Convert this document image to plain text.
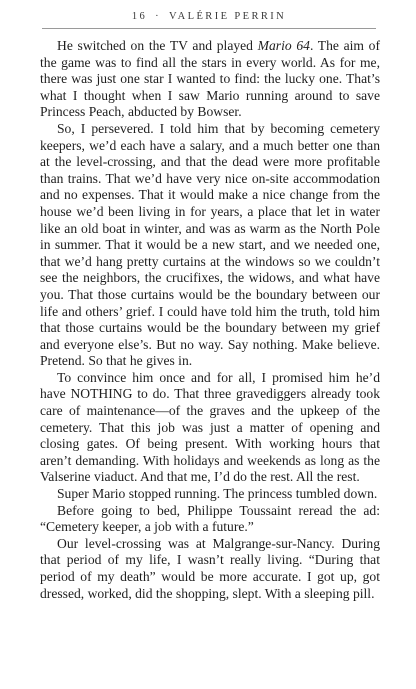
16 · VALÉRIE PERRIN

He switched on the TV and played Mario 64. The aim of the game was to find all the stars in every world. As for me, there was just one star I wanted to find: the lucky one. That’s what I thought when I saw Mario running around to save Princess Peach, abducted by Bowser.

So, I persevered. I told him that by becoming cemetery keepers, we’d each have a salary, and a much better one than at the level-crossing, and that the dead were more profitable than trains. That we’d have very nice on-site accommodation and no expenses. That it would make a nice change from the house we’d been living in for years, a place that let in water like an old boat in winter, and was as warm as the North Pole in summer. That it would be a new start, and we needed one, that we’d hang pretty curtains at the windows so we couldn’t see the neighbors, the crucifixes, the widows, and what have you. That those curtains would be the boundary between our life and others’ grief. I could have told him the truth, told him that those curtains would be the boundary between my grief and everyone else’s. But no way. Say nothing. Make believe. Pretend. So that he gives in.

To convince him once and for all, I promised him he’d have NOTHING to do. That three gravediggers already took care of maintenance—of the graves and the upkeep of the cemetery. That this job was just a matter of opening and closing gates. Of being present. With working hours that aren’t demanding. With holidays and weekends as long as the Valserine viaduct. And that me, I’d do the rest. All the rest.

Super Mario stopped running. The princess tumbled down.

Before going to bed, Philippe Toussaint reread the ad: “Cemetery keeper, a job with a future.”

Our level-crossing was at Malgrange-sur-Nancy. During that period of my life, I wasn’t really living. “During that period of my death” would be more accurate. I got up, got dressed, worked, did the shopping, slept. With a sleeping pill.
